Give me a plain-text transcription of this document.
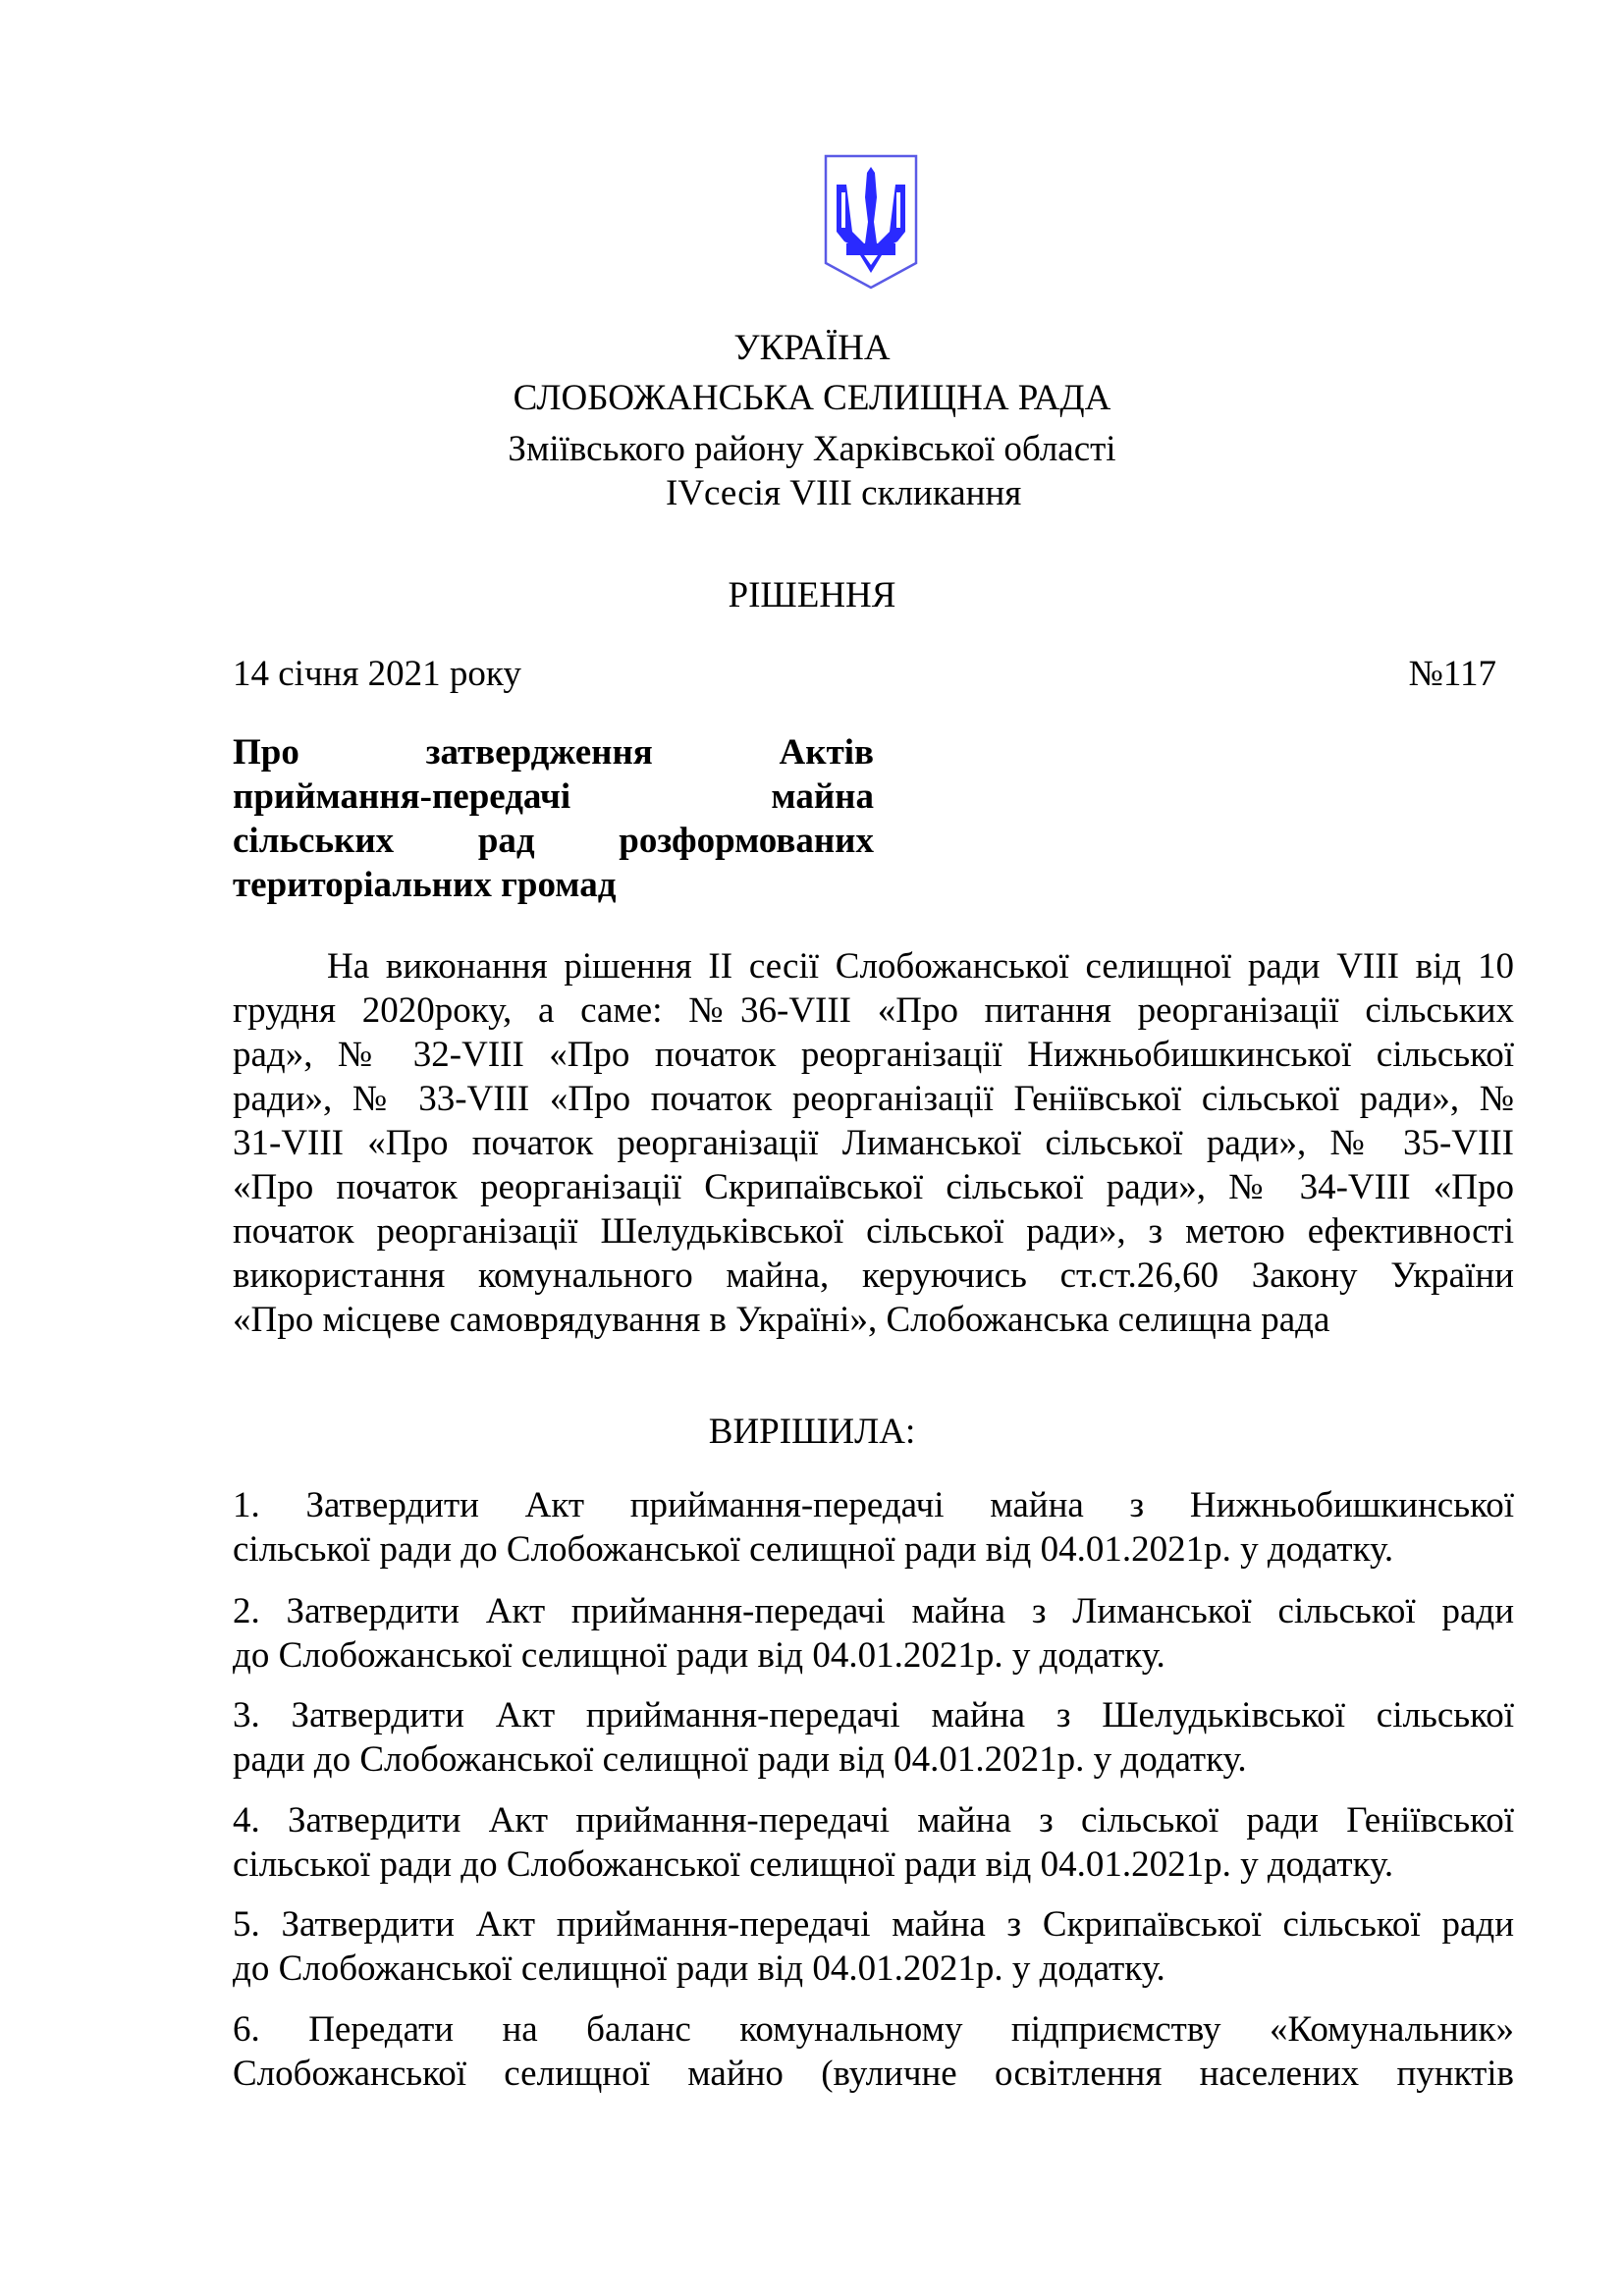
УКРАЇНА
СЛОБОЖАНСЬКА СЕЛИЩНА РАДА
Зміївського району Харківської області
IVсесія VIII скликання
РІШЕННЯ
14 січня 2021 року	№117
Про затвердження Актів
приймання-передачі майна
сільських рад розформованих
територіальних громад
На виконання рішення II сесії Слобожанської селищної ради VIII від 10
грудня 2020року, а саме: №36-VIII «Про питання реорганізації сільських
рад», № 32-VIII «Про початок реорганізації Нижньобишкинської сільської
ради», № 33-VIII «Про початок реорганізації Геніївської сільської ради», №
31-VIII «Про початок реорганізації Лиманської сільської ради», № 35-VIII
«Про початок реорганізації Скрипаївської сільської ради», № 34-VIII «Про
початок реорганізації Шелудьківської сільської ради», з метою ефективності
використання комунального майна, керуючись ст.ст.26,60 Закону України
«Про місцеве самоврядування в Україні», Слобожанська селищна рада
ВИРІШИЛА:
1. Затвердити Акт приймання-передачі майна з Нижньобишкинської
сільської ради до Слобожанської селищної ради від 04.01.2021р. у додатку.
2. Затвердити Акт приймання-передачі майна з Лиманської сільської ради
до Слобожанської селищної ради від 04.01.2021р. у додатку.
3. Затвердити Акт приймання-передачі майна з Шелудьківської сільської
ради до Слобожанської селищної ради від 04.01.2021р. у додатку.
4. Затвердити Акт приймання-передачі майна з сільської ради Геніївської
сільської ради до Слобожанської селищної ради від 04.01.2021р. у додатку.
5. Затвердити Акт приймання-передачі майна з Скрипаївської сільської ради
до Слобожанської селищної ради від 04.01.2021р. у додатку.
6. Передати на баланс комунальному підприємству «Комунальник»
Слобожанської селищної майно (вуличне освітлення населених пунктів
